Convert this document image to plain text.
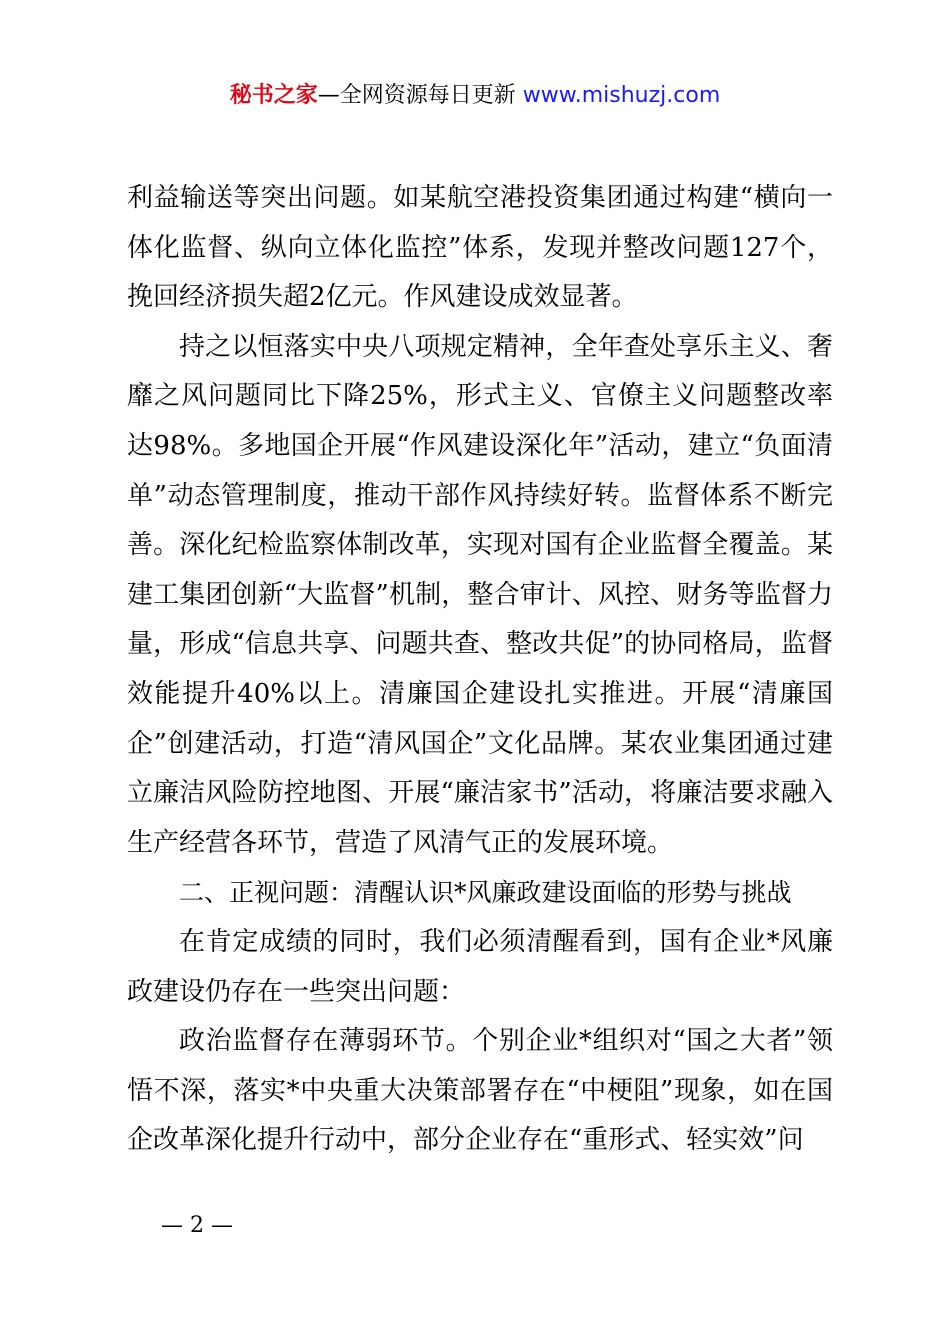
秘书之家—全网资源每日更新 www.mishuzj.com

利益输送等突出问题。如某航空港投资集团通过构建“横向一体化监督、纵向立体化监控”体系，发现并整改问题127个，挽回经济损失超2亿元。作风建设成效显著。

持之以恒落实中央八项规定精神，全年查处享乐主义、奢靡之风问题同比下降25%，形式主义、官僚主义问题整改率达98%。多地国企开展“作风建设深化年”活动，建立“负面清单”动态管理制度，推动干部作风持续好转。监督体系不断完善。深化纪检监察体制改革，实现对国有企业监督全覆盖。某建工集团创新“大监督”机制，整合审计、风控、财务等监督力量，形成“信息共享、问题共查、整改共促”的协同格局，监督效能提升40%以上。清廉国企建设扎实推进。开展“清廉国企”创建活动，打造“清风国企”文化品牌。某农业集团通过建立廉洁风险防控地图、开展“廉洁家书”活动，将廉洁要求融入生产经营各环节，营造了风清气正的发展环境。

二、正视问题：清醒认识*风廉政建设面临的形势与挑战

在肯定成绩的同时，我们必须清醒看到，国有企业*风廉政建设仍存在一些突出问题：

政治监督存在薄弱环节。个别企业*组织对“国之大者”领悟不深，落实*中央重大决策部署存在“中梗阻”现象，如在国企改革深化提升行动中，部分企业存在“重形式、轻实效”问

— 2 —
